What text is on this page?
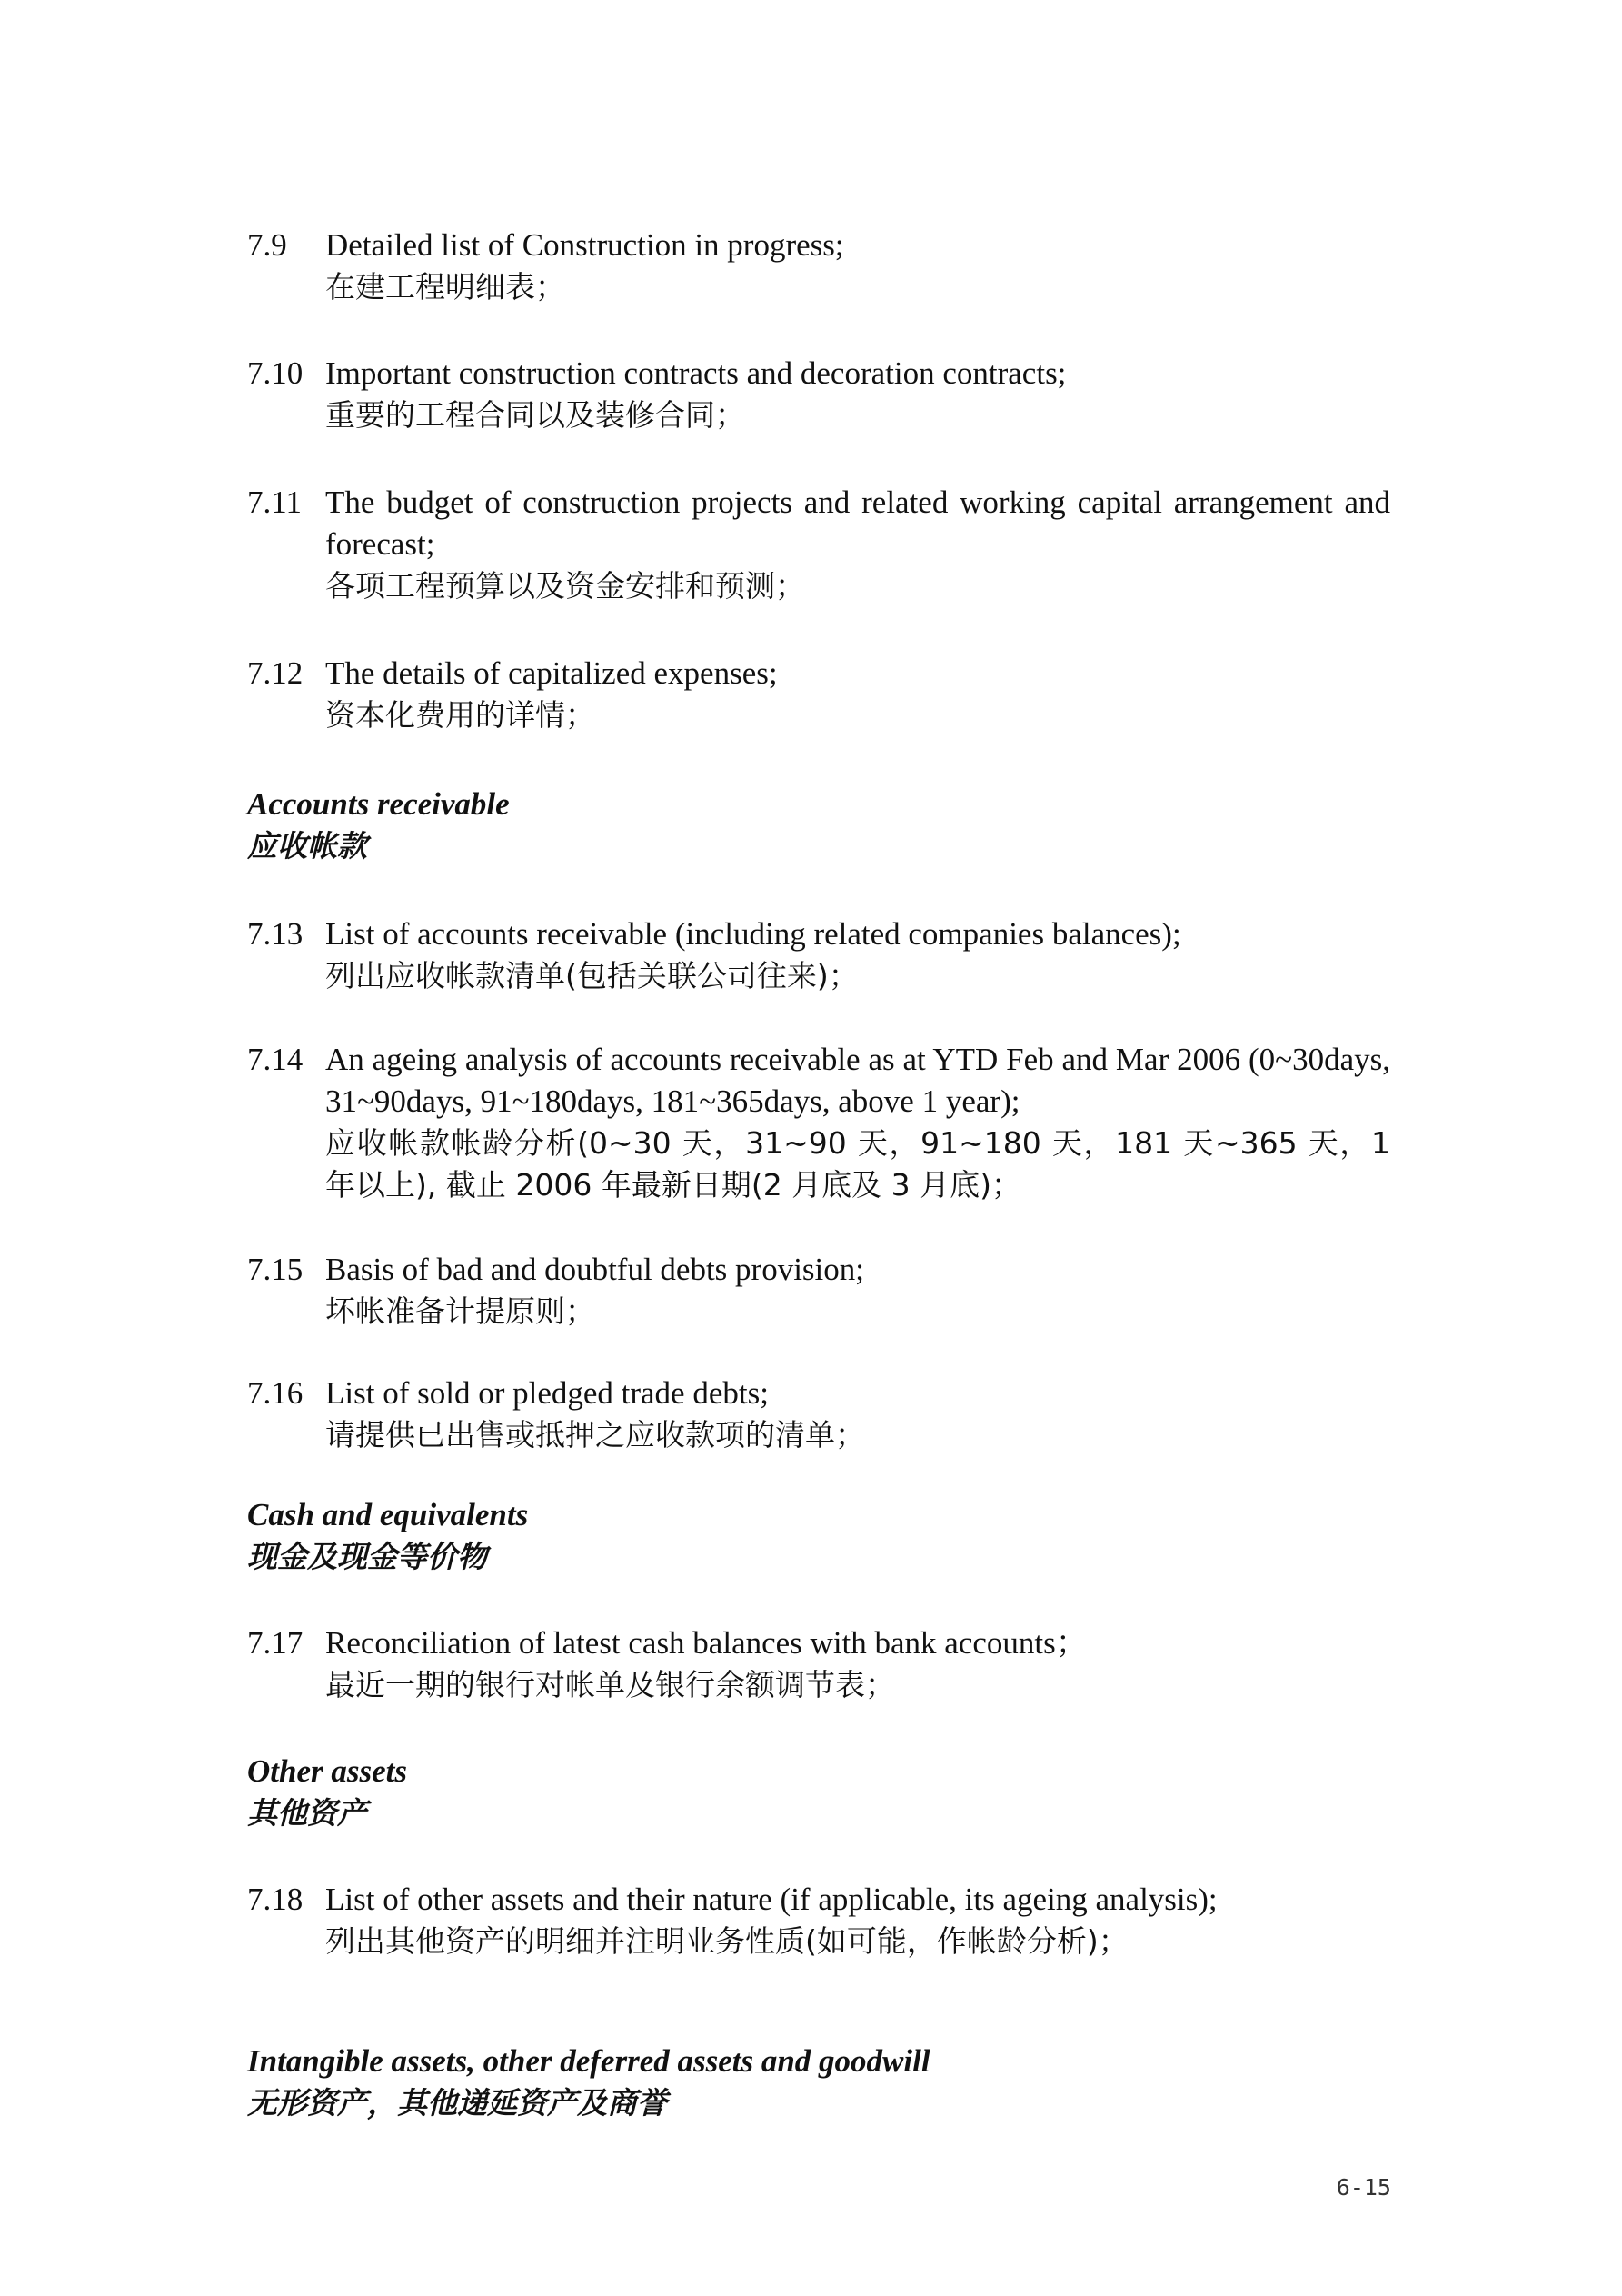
7.9 Detailed list of Construction in progress;
在建工程明细表；
7.10 Important construction contracts and decoration contracts;
重要的工程合同以及装修合同；
7.11 The budget of construction projects and related working capital arrangement and forecast;
各项工程预算以及资金安排和预测；
7.12 The details of capitalized expenses;
资本化费用的详情；
Accounts receivable
应收帐款
7.13 List of accounts receivable (including related companies balances);
列出应收帐款清单(包括关联公司往来)；
7.14 An ageing analysis of accounts receivable as at YTD Feb and Mar 2006 (0~30days, 31~90days, 91~180days, 181~365days, above 1 year);
应收帐款帐龄分析(0~30 天，31~90 天，91~180 天，181 天~365 天，1 年以上), 截止 2006 年最新日期(2 月底及 3 月底)；
7.15 Basis of bad and doubtful debts provision;
坏帐准备计提原则；
7.16 List of sold or pledged trade debts;
请提供已出售或抵押之应收款项的清单；
Cash and equivalents
现金及现金等价物
7.17 Reconciliation of latest cash balances with bank accounts；
最近一期的银行对帐单及银行余额调节表；
Other assets
其他资产
7.18 List of other assets and their nature (if applicable, its ageing analysis);
列出其他资产的明细并注明业务性质(如可能，作帐龄分析)；
Intangible assets, other deferred assets and goodwill
无形资产，其他递延资产及商誉
6-15
